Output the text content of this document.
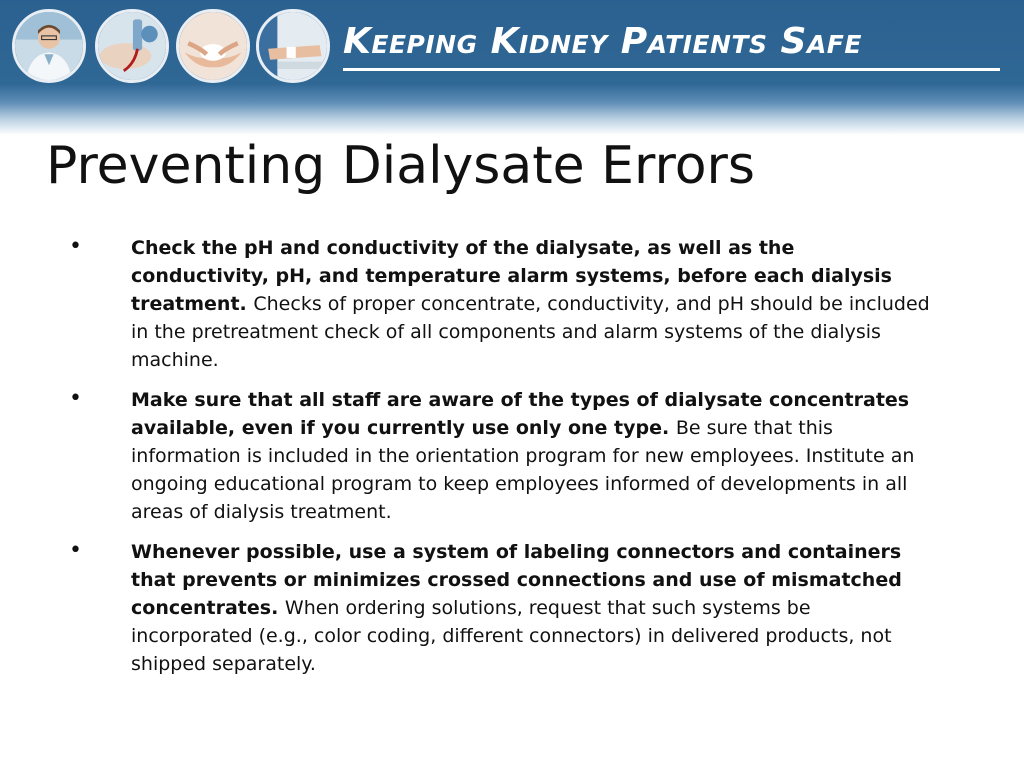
Keeping Kidney Patients Safe
Preventing Dialysate Errors
•	Check the pH and conductivity of the dialysate, as well as the conductivity, pH, and temperature alarm systems, before each dialysis treatment. Checks of proper concentrate, conductivity, and pH should be included in the pretreatment check of all components and alarm systems of the dialysis machine.
•	Make sure that all staff are aware of the types of dialysate concentrates available, even if you currently use only one type. Be sure that this information is included in the orientation program for new employees. Institute an ongoing educational program to keep employees informed of developments in all areas of dialysis treatment.
•	Whenever possible, use a system of labeling connectors and containers that prevents or minimizes crossed connections and use of mismatched concentrates. When ordering solutions, request that such systems be incorporated (e.g., color coding, different connectors) in delivered products, not shipped separately.
